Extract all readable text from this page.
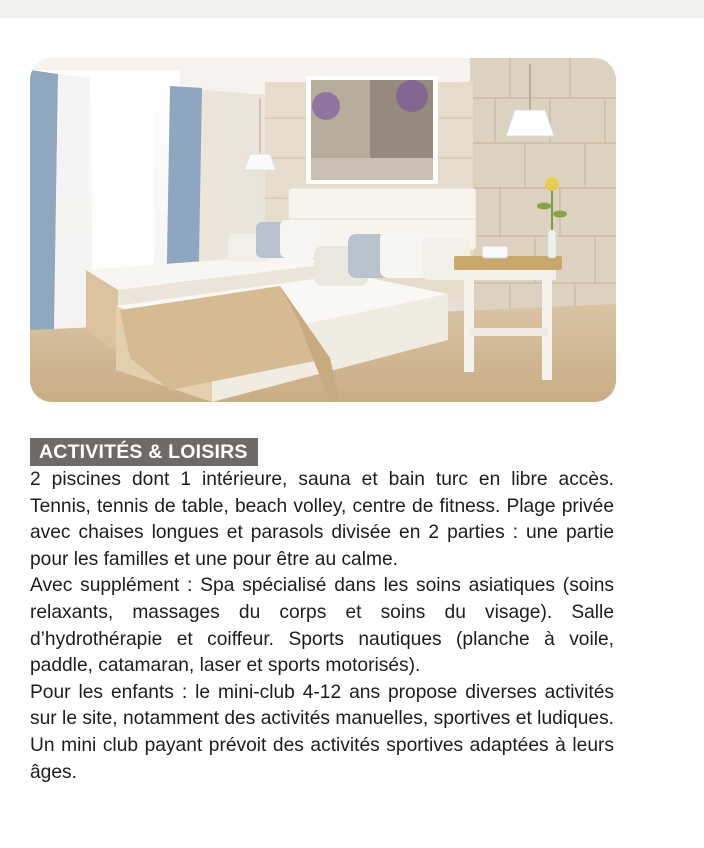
ACTIVITÉS & LOISIRS

2 piscines dont 1 intérieure, sauna et bain turc en libre accès. Tennis, tennis de table, beach volley, centre de fitness. Plage privée avec chaises longues et parasols divisée en 2 parties : une partie pour les familles et une pour être au calme.

Avec supplément : Spa spécialisé dans les soins asiatiques (soins relaxants, massages du corps et soins du visage). Salle d’hydrothérapie et coiffeur. Sports nautiques (planche à voile, paddle, catamaran, laser et sports motorisés).

Pour les enfants : le mini-club 4-12 ans propose diverses activités sur le site, notamment des activités manuelles, sportives et ludiques. Un mini club payant prévoit des activités sportives adaptées à leurs âges.
